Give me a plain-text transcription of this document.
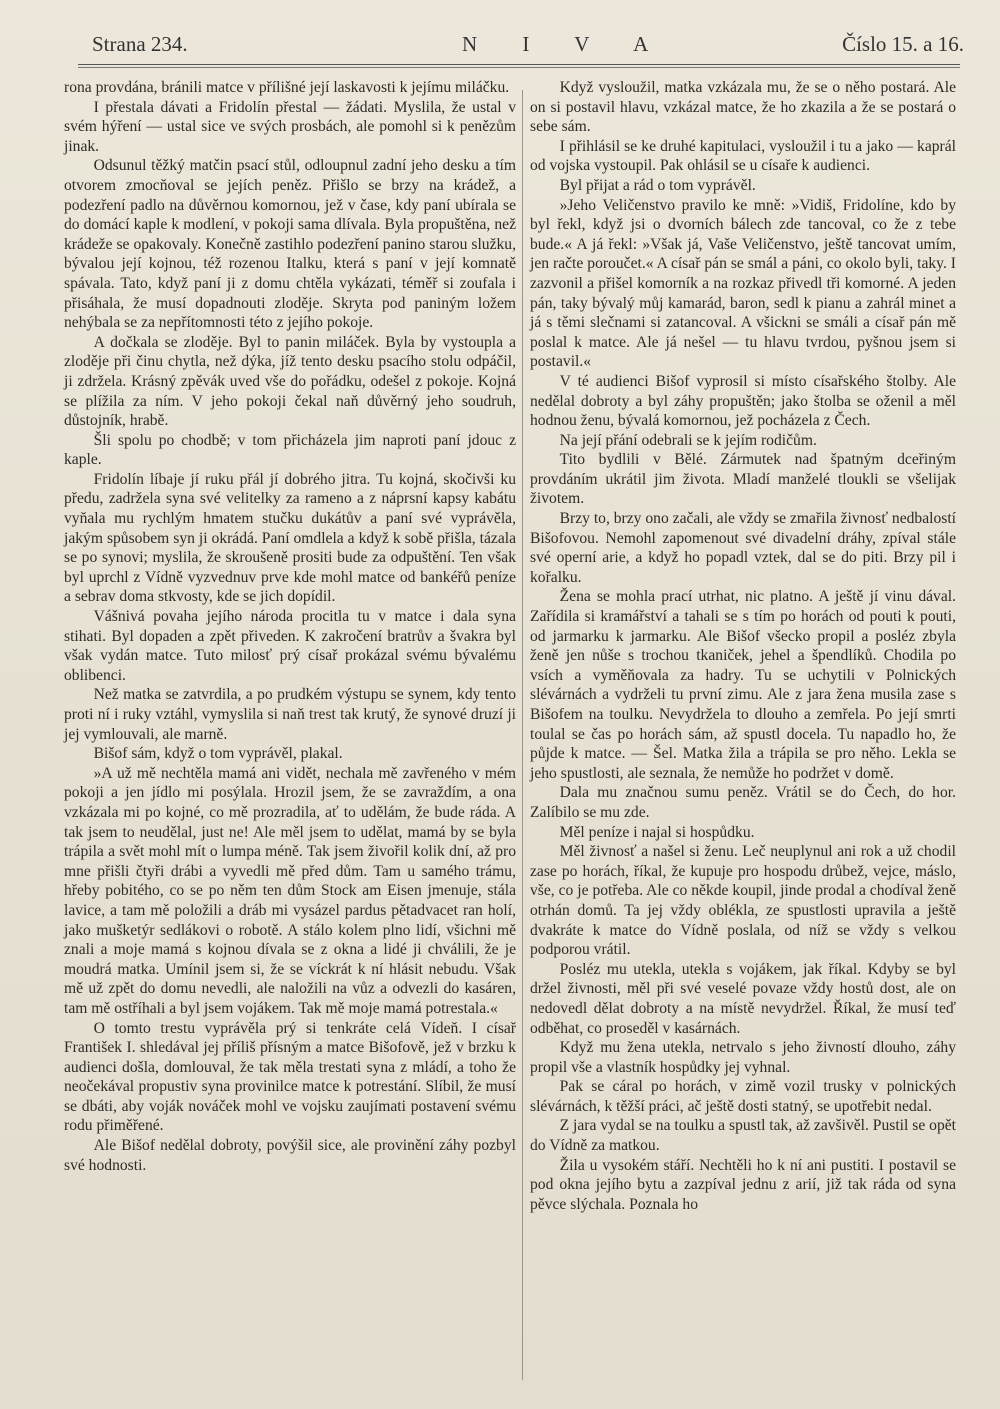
Strana 234.	N I V A	Číslo 15. a 16.

rona provdána, bránili matce v přílišné její laskavosti k jejímu miláčku.

I přestala dávati a Fridolín přestal — žádati. Myslila, že ustal v svém hýření — ustal sice ve svých prosbách, ale pomohl si k penězům jinak.

Odsunul těžký matčin psací stůl, odloupnul zadní jeho desku a tím otvorem zmocňoval se jejích peněz. Přišlo se brzy na krádež, a podezření padlo na důvěrnou komornou, jež v čase, kdy paní ubírala se do domácí kaple k modlení, v pokoji sama dlívala. Byla propuštěna, než krádeže se opakovaly. Konečně zastihlo podezření panino starou služku, bývalou její kojnou, též rozenou Italku, která s paní v její komnatě spávala. Tato, když paní ji z domu chtěla vykázati, téměř si zoufala i přisáhala, že musí dopadnouti zloděje. Skryta pod paniným ložem nehýbala se za nepřítomnosti této z jejího pokoje.

A dočkala se zloděje. Byl to panin miláček. Byla by vystoupla a zloděje při činu chytla, než dýka, jíž tento desku psacího stolu odpáčil, ji zdržela. Krásný zpěvák uved vše do pořádku, odešel z pokoje. Kojná se plížila za ním. V jeho pokoji čekal naň důvěrný jeho soudruh, důstojník, hrabě.

Šli spolu po chodbě; v tom přicházela jim naproti paní jdouc z kaple.

Fridolín líbaje jí ruku přál jí dobrého jitra. Tu kojná, skočivši ku předu, zadržela syna své velitelky za rameno a z náprsní kapsy kabátu vyňala mu rychlým hmatem stučku dukátův a paní své vyprávěla, jakým spůsobem syn ji okrádá. Paní omdlela a když k sobě přišla, tázala se po synovi; myslila, že skroušeně prositi bude za odpuštění. Ten však byl uprchl z Vídně vyzvednuv prve kde mohl matce od bankéřů peníze a sebrav doma stkvosty, kde se jich dopídil.

Vášnivá povaha jejího národa procitla tu v matce i dala syna stihati. Byl dopaden a zpět přiveden. K zakročení bratrův a švakra byl však vydán matce. Tuto milosť prý císař prokázal svému bývalému oblibenci.

Než matka se zatvrdila, a po prudkém výstupu se synem, kdy tento proti ní i ruky vztáhl, vymyslila si naň trest tak krutý, že synové druzí ji jej vymlouvali, ale marně.

Bišof sám, když o tom vyprávěl, plakal.

»A už mě nechtěla mamá ani vidět, nechala mě zavřeného v mém pokoji a jen jídlo mi posýlala. Hrozil jsem, že se zavraždím, a ona vzkázala mi po kojné, co mě prozradila, ať to udělám, že bude ráda. A tak jsem to neudělal, just ne! Ale měl jsem to udělat, mamá by se byla trápila a svět mohl mít o lumpa méně. Tak jsem živořil kolik dní, až pro mne přišli čtyři drábi a vyvedli mě před dům. Tam u samého trámu, hřeby pobitého, co se po něm ten dům Stock am Eisen jmenuje, stála lavice, a tam mě položili a dráb mi vysázel pardus pětadvacet ran holí, jako mušketýr sedlákovi o robotě. A stálo kolem plno lidí, všichni mě znali a moje mamá s kojnou dívala se z okna a lidé ji chválili, že je moudrá matka. Umínil jsem si, že se víckrát k ní hlásit nebudu. Však mě už zpět do domu nevedli, ale naložili na vůz a odvezli do kasáren, tam mě ostříhali a byl jsem vojákem. Tak mě moje mamá potrestala.«

O tomto trestu vyprávěla prý si tenkráte celá Vídeň. I císař František I. shledával jej příliš přísným a matce Bišofově, jež v brzku k audienci došla, domlouval, že tak měla trestati syna z mládí, a toho že neočekával propustiv syna provinilce matce k potrestání. Slíbil, že musí se dbáti, aby voják nováček mohl ve vojsku zaujímati postavení svému rodu přiměřené.

Ale Bišof nedělal dobroty, povýšil sice, ale provinění záhy pozbyl své hodnosti.

Když vysloužil, matka vzkázala mu, že se o něho postará. Ale on si postavil hlavu, vzkázal matce, že ho zkazila a že se postará o sebe sám.

I přihlásil se ke druhé kapitulaci, vysloužil i tu a jako — kaprál od vojska vystoupil. Pak ohlásil se u císaře k audienci.

Byl přijat a rád o tom vyprávěl.

»Jeho Veličenstvo pravilo ke mně: »Vidiš, Fridolíne, kdo by byl řekl, když jsi o dvorních bálech zde tancoval, co že z tebe bude.« A já řekl: »Však já, Vaše Veličenstvo, ještě tancovat umím, jen račte poroučet.« A císař pán se smál a páni, co okolo byli, taky. I zazvonil a přišel komorník a na rozkaz přivedl tři komorné. A jeden pán, taky bývalý můj kamarád, baron, sedl k pianu a zahrál minet a já s těmi slečnami si zatancoval. A všickni se smáli a císař pán mě poslal k matce. Ale já nešel — tu hlavu tvrdou, pyšnou jsem si postavil.«

V té audienci Bišof vyprosil si místo císařského štolby. Ale nedělal dobroty a byl záhy propuštěn; jako štolba se oženil a měl hodnou ženu, bývalá komornou, jež pocházela z Čech.

Na její přání odebrali se k jejím rodičům.

Tito bydlili v Bělé. Zármutek nad špatným dceřiným provdáním ukrátil jim života. Mladí manželé tloukli se všelijak životem.

Brzy to, brzy ono začali, ale vždy se zmařila živnosť nedbalostí Bišofovou. Nemohl zapomenout své divadelní dráhy, zpíval stále své operní arie, a když ho popadl vztek, dal se do piti. Brzy pil i kořalku.

Žena se mohla prací utrhat, nic platno. A ještě jí vinu dával. Zařídila si kramářství a tahali se s tím po horách od pouti k pouti, od jarmarku k jarmarku. Ale Bišof všecko propil a posléz zbyla ženě jen nůše s trochou tkaniček, jehel a špendlíků. Chodila po vsích a vyměňovala za hadry. Tu se uchytili v Polnických slévárnách a vydrželi tu první zimu. Ale z jara žena musila zase s Bišofem na toulku. Nevydržela to dlouho a zemřela. Po její smrti toulal se čas po horách sám, až spustl docela. Tu napadlo ho, že půjde k matce. — Šel. Matka žila a trápila se pro něho. Lekla se jeho spustlosti, ale seznala, že nemůže ho podržet v domě.

Dala mu značnou sumu peněz. Vrátil se do Čech, do hor. Zalíbilo se mu zde.

Měl peníze i najal si hospůdku.

Měl živnosť a našel si ženu. Leč neuplynul ani rok a už chodil zase po horách, říkal, že kupuje pro hospodu drůbež, vejce, máslo, vše, co je potřeba. Ale co někde koupil, jinde prodal a chodíval ženě otrhán domů. Ta jej vždy oblékla, ze spustlosti upravila a ještě dvakráte k matce do Vídně poslala, od níž se vždy s velkou podporou vrátil.

Posléz mu utekla, utekla s vojákem, jak říkal. Kdyby se byl držel živnosti, měl při své veselé povaze vždy hostů dost, ale on nedovedl dělat dobroty a na místě nevydržel. Říkal, že musí teď odběhat, co proseděl v kasárnách.

Když mu žena utekla, netrvalo s jeho živností dlouho, záhy propil vše a vlastník hospůdky jej vyhnal.

Pak se cáral po horách, v zimě vozil trusky v polnických slévárnách, k těžší práci, ač ještě dosti statný, se upotřebit nedal.

Z jara vydal se na toulku a spustl tak, až zavšivěl. Pustil se opět do Vídně za matkou.

Žila u vysokém stáří. Nechtěli ho k ní ani pustiti. I postavil se pod okna jejího bytu a zazpíval jednu z arií, již tak ráda od syna pěvce slýchala. Poznala ho
